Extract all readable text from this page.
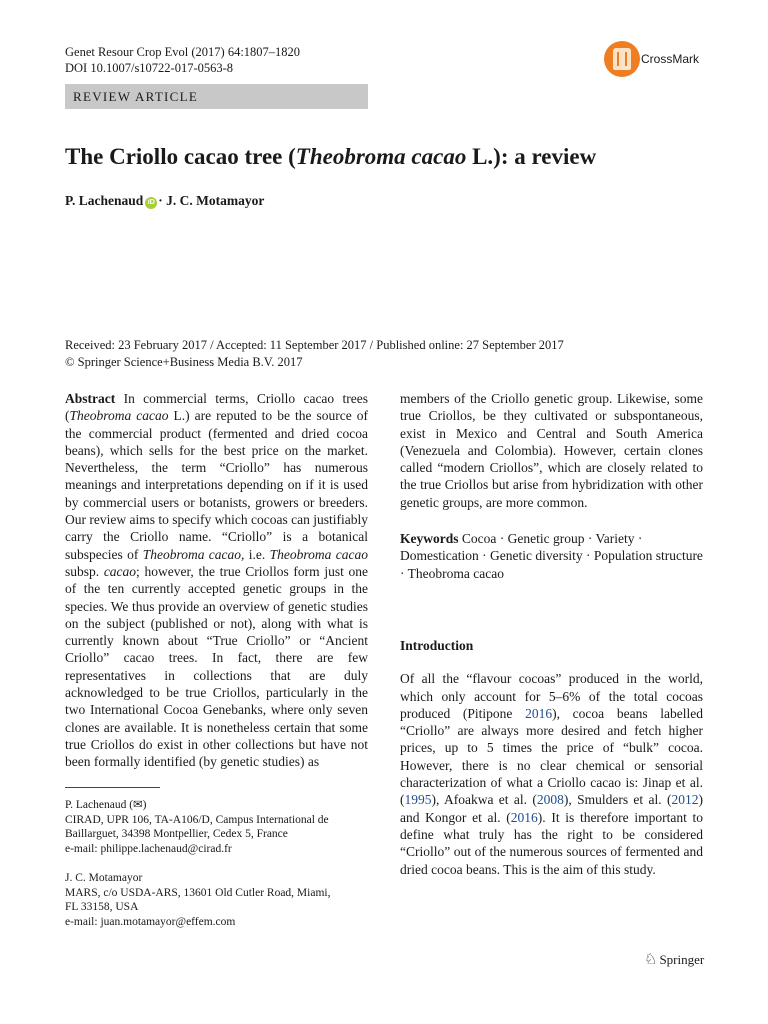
Genet Resour Crop Evol (2017) 64:1807–1820
DOI 10.1007/s10722-017-0563-8
CrossMark
REVIEW ARTICLE
The Criollo cacao tree (Theobroma cacao L.): a review
P. Lachenaud iD · J. C. Motamayor
Received: 23 February 2017 / Accepted: 11 September 2017 / Published online: 27 September 2017
© Springer Science+Business Media B.V. 2017

Abstract In commercial terms, Criollo cacao trees (Theobroma cacao L.) are reputed to be the source of the commercial product (fermented and dried cocoa beans), which sells for the best price on the market. Nevertheless, the term “Criollo” has numerous meanings and interpretations depending on if it is used by commercial users or botanists, growers or breeders. Our review aims to specify which cocoas can justifiably carry the Criollo name. “Criollo” is a botanical subspecies of Theobroma cacao, i.e. Theobroma cacao subsp. cacao; however, the true Criollos form just one of the ten currently accepted genetic groups in the species. We thus provide an overview of genetic studies on the subject (published or not), along with what is currently known about “True Criollo” or “Ancient Criollo” cacao trees. In fact, there are few representatives in collections that are duly acknowledged to be true Criollos, particularly in the two International Cocoa Genebanks, where only seven clones are available. It is nonetheless certain that some true Criollos do exist in other collections but have not been formally identified (by genetic studies) as

members of the Criollo genetic group. Likewise, some true Criollos, be they cultivated or subspontaneous, exist in Mexico and Central and South America (Venezuela and Colombia). However, certain clones called “modern Criollos”, which are closely related to the true Criollos but arise from hybridization with other genetic groups, are more common.

Keywords Cocoa · Genetic group · Variety · Domestication · Genetic diversity · Population structure · Theobroma cacao

Introduction

Of all the “flavour cocoas” produced in the world, which only account for 5–6% of the total cocoas produced (Pitipone 2016), cocoa beans labelled “Criollo” are always more desired and fetch higher prices, up to 5 times the price of “bulk” cocoa. However, there is no clear chemical or sensorial characterization of what a Criollo cacao is: Jinap et al. (1995), Afoakwa et al. (2008), Smulders et al. (2012) and Kongor et al. (2016). It is therefore important to define what truly has the right to be considered “Criollo” out of the numerous sources of fermented and dried cocoa beans. This is the aim of this study.

P. Lachenaud (✉)
CIRAD, UPR 106, TA-A106/D, Campus International de
Baillarguet, 34398 Montpellier, Cedex 5, France
e-mail: philippe.lachenaud@cirad.fr
J. C. Motamayor
MARS, c/o USDA-ARS, 13601 Old Cutler Road, Miami,
FL 33158, USA
e-mail: juan.motamayor@effem.com
♘ Springer
